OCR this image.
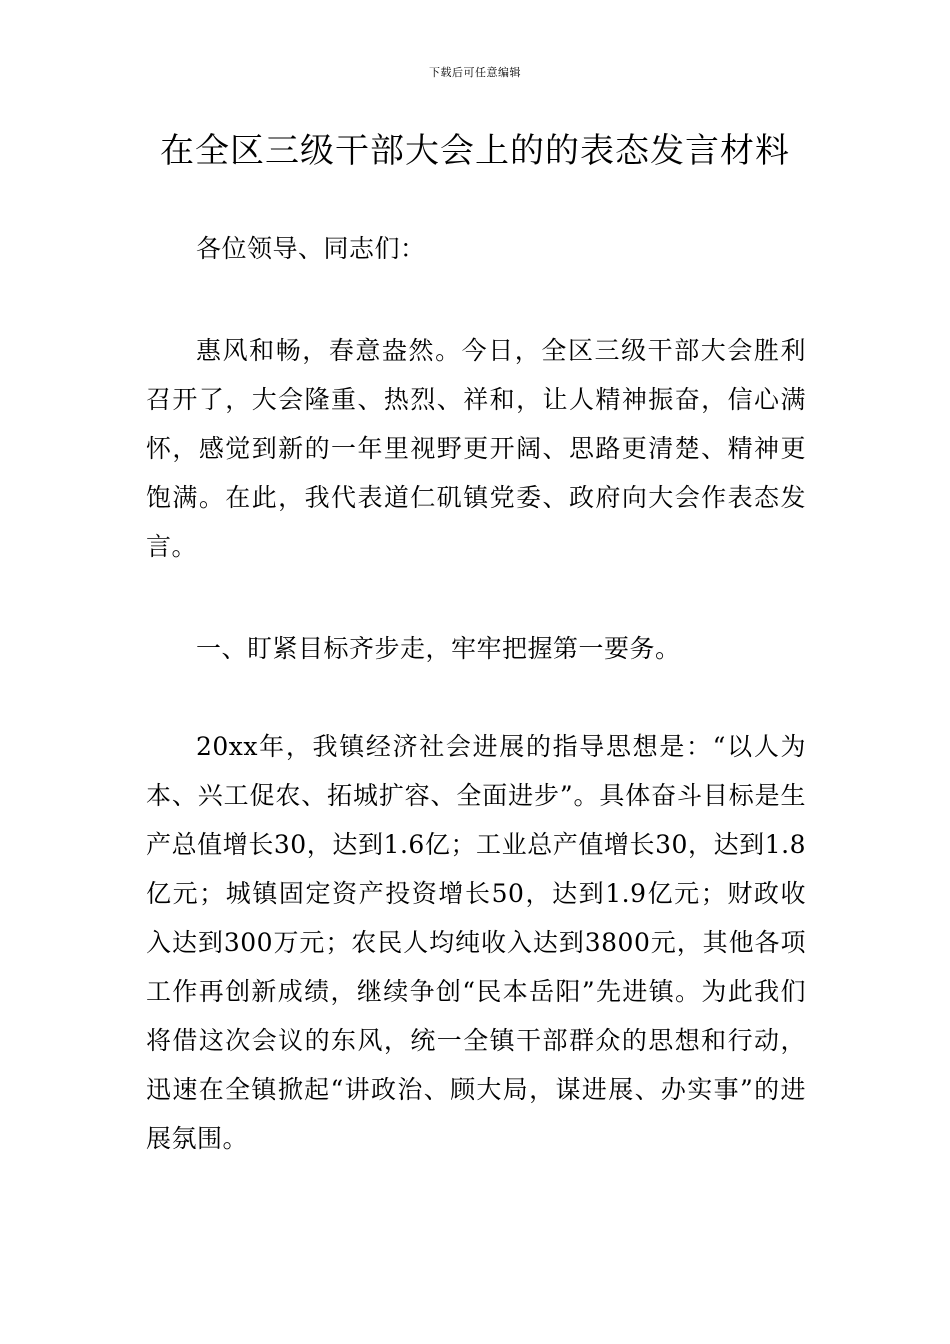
下载后可任意编辑
在全区三级干部大会上的的表态发言材料

各位领导、同志们：

惠风和畅，春意盎然。今日，全区三级干部大会胜利召开了，大会隆重、热烈、祥和，让人精神振奋，信心满怀，感觉到新的一年里视野更开阔、思路更清楚、精神更饱满。在此，我代表道仁矶镇党委、政府向大会作表态发言。

一、盯紧目标齐步走，牢牢把握第一要务。

20xx年，我镇经济社会进展的指导思想是：“以人为本、兴工促农、拓城扩容、全面进步”。具体奋斗目标是生产总值增长30，达到1.6亿；工业总产值增长30，达到1.8亿元；城镇固定资产投资增长50，达到1.9亿元；财政收入达到300万元；农民人均纯收入达到3800元，其他各项工作再创新成绩，继续争创“民本岳阳”先进镇。为此我们将借这次会议的东风，统一全镇干部群众的思想和行动，迅速在全镇掀起“讲政治、顾大局，谋进展、办实事”的进展氛围。
